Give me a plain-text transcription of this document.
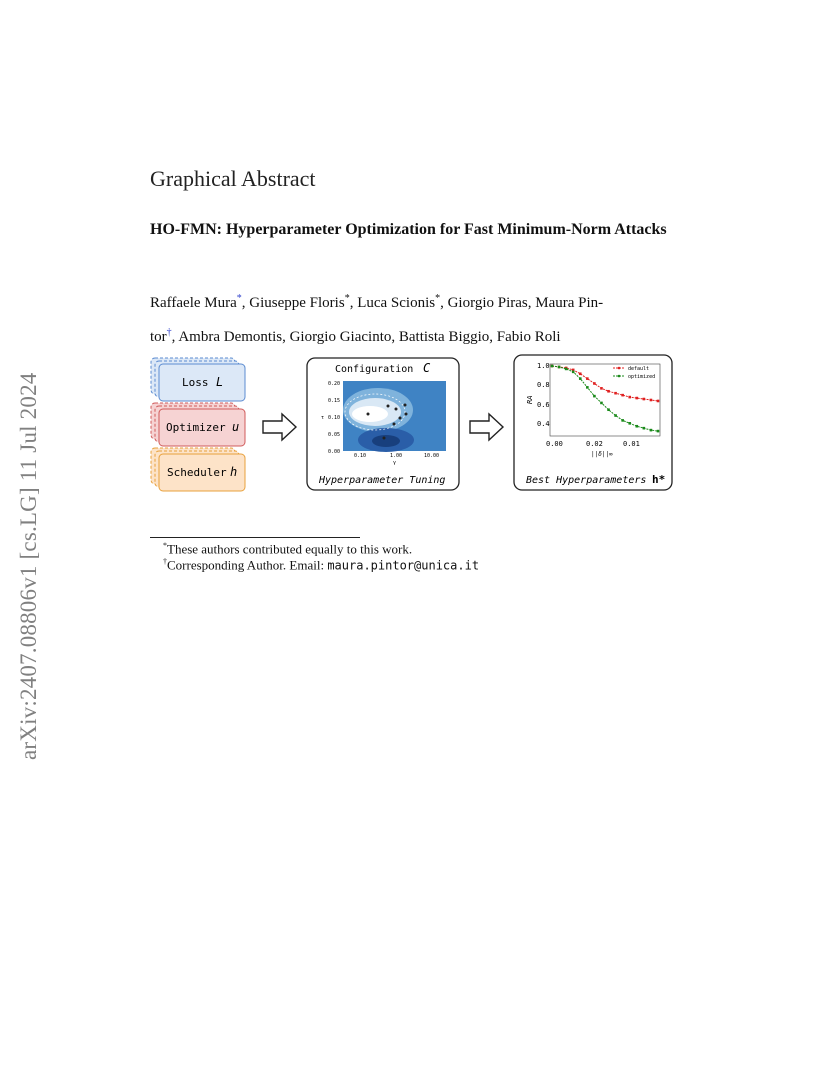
arXiv:2407.08806v1 [cs.LG] 11 Jul 2024
Graphical Abstract
HO-FMN: Hyperparameter Optimization for Fast Minimum-Norm Attacks
Raffaele Mura*, Giuseppe Floris*, Luca Scionis*, Giorgio Piras, Maura Pin-
tor†, Ambra Demontis, Giorgio Giacinto, Battista Biggio, Fabio Roli
Loss L
Optimizer u
Scheduler h
Configuration C
0.20
0.15
0.10
0.05
0.00
τ
0.10	1.00	10.00
γ
Hyperparameter Tuning
1.0
0.8
0.6
0.4
RA
0.00	0.02	0.01
||δ||∞
default
optimized
Best Hyperparameters h*
*These authors contributed equally to this work.
†Corresponding Author. Email: maura.pintor@unica.it
